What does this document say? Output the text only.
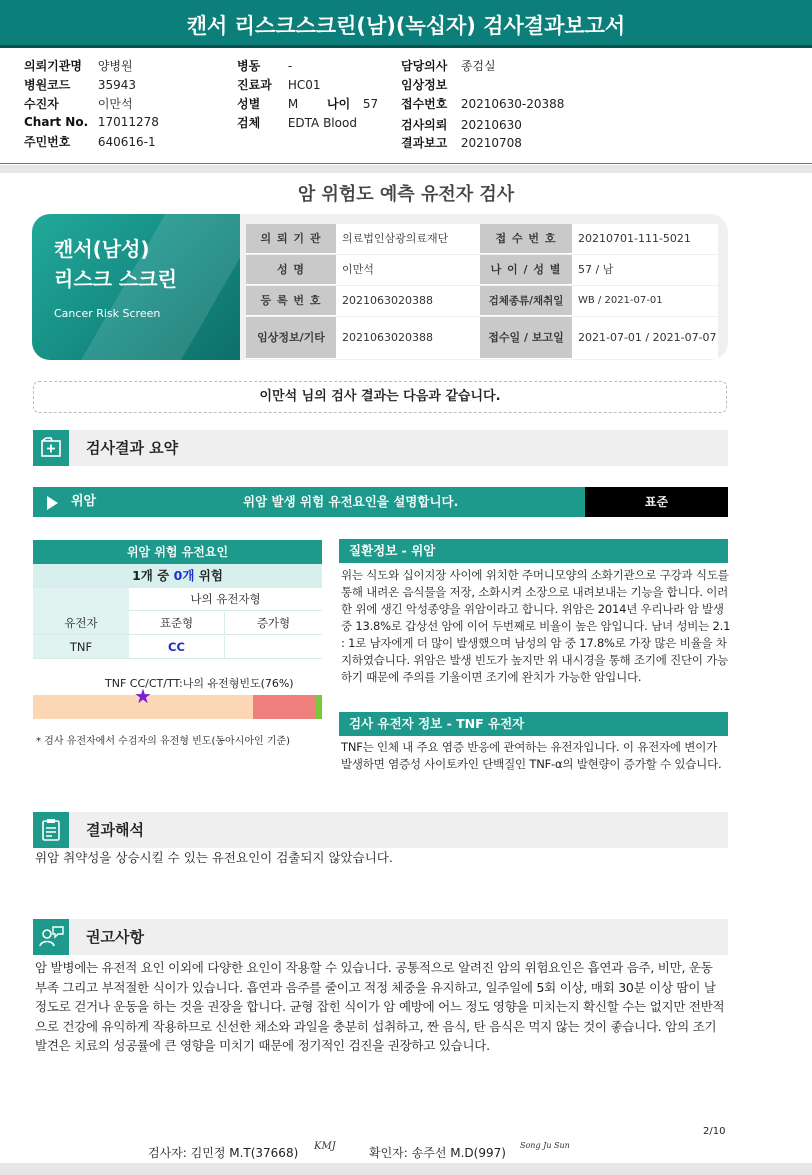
캔서 리스크스크린(남)(녹십자) 검사결과보고서
의뢰기관명 양병원
병원코드 35943
수진자	이만석
Chart No. 17011278
주민번호 640616-1
병동 -
진료과 HC01
성별 M 나이 57
검체 EDTA Blood
담당의사 종검실
임상정보
접수번호 20210630-20388
검사의뢰 20210630
결과보고 20210708
암 위험도 예측 유전자 검사
캔서(남성)
리스크 스크린
Cancer Risk Screen
의 뢰 기 관	의료법인삼광의료재단	접 수 번 호	20210701-111-5021
성 명	이만석	나 이 / 성 별	57 / 남
등 록 번 호	2021063020388	검체종류/채취일	WB / 2021-07-01
임상정보/기타	2021063020388	접수일 / 보고일	2021-07-01 / 2021-07-07
이만석 님의 검사 결과는 다음과 같습니다.
검사결과 요약
위암	위암 발생 위험 유전요인을 설명합니다.	표준
위암 위험 유전요인
1개 중 0개 위험
나의 유전자형
유전자	표준형	증가형
TNF	CC
TNF CC/CT/TT:나의 유전형빈도(76%)
★
* 검사 유전자에서 수검자의 유전형 빈도(동아시아인 기준)
질환정보 - 위암
위는 식도와 십이지장 사이에 위치한 주머니모양의 소화기관으로 구강과 식도를 통해 내려온 음식물을 저장, 소화시켜 소장으로 내려보내는 기능을 합니다. 이러한 위에 생긴 악성종양을 위암이라고 합니다. 위암은 2014년 우리나라 암 발생 중 13.8%로 갑상선 암에 이어 두번째로 비율이 높은 암입니다. 남녀 성비는 2.1 : 1로 남자에게 더 많이 발생했으며 남성의 암 중 17.8%로 가장 많은 비율을 차지하였습니다. 위암은 발생 빈도가 높지만 위 내시경을 통해 조기에 진단이 가능하기 때문에 주의를 기울이면 조기에 완치가 가능한 암입니다.
검사 유전자 정보 - TNF 유전자
TNF는 인체 내 주요 염증 반응에 관여하는 유전자입니다. 이 유전자에 변이가 발생하면 염증성 사이토카인 단백질인 TNF-α의 발현량이 증가할 수 있습니다.
결과해석
위암 취약성을 상승시킬 수 있는 유전요인이 검출되지 않았습니다.
권고사항
암 발병에는 유전적 요인 이외에 다양한 요인이 작용할 수 있습니다. 공통적으로 알려진 암의 위험요인은 흡연과 음주, 비만, 운동 부족 그리고 부적절한 식이가 있습니다. 흡연과 음주를 줄이고 적정 체중을 유지하고, 일주일에 5회 이상, 매회 30분 이상 땀이 날 정도로 걷거나 운동을 하는 것을 권장을 합니다. 균형 잡힌 식이가 암 예방에 어느 정도 영향을 미치는지 확신할 수는 없지만 전반적으로 건강에 유익하게 작용하므로 신선한 채소와 과일을 충분히 섭취하고, 짠 음식, 탄 음식은 먹지 않는 것이 좋습니다. 암의 조기발견은 치료의 성공률에 큰 영향을 미치기 때문에 정기적인 검진을 권장하고 있습니다.
2/10
검사자: 김민정 M.T(37668) KMJ	확인자: 송주선 M.D(997)
Song Ju Sun
